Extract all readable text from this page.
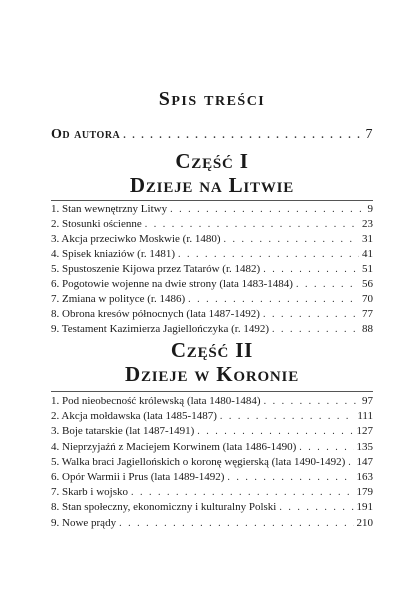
Spis treści
Od autora . . .	7
Część I
Dzieje na Litwie
1. Stan wewnętrzny Litwy . . .	9
2. Stosunki ościenne . . .	23
3. Akcja przeciwko Moskwie (r. 1480) . . .	31
4. Spisek kniaziów (r. 1481) . . .	41
5. Spustoszenie Kijowa przez Tatarów (r. 1482) . . .	51
6. Pogotowie wojenne na dwie strony (lata 1483-1484) . . .	56
7. Zmiana w polityce (r. 1486) . . .	70
8. Obrona kresów północnych (lata 1487-1492) . . .	77
9. Testament Kazimierza Jagiellończyka (r. 1492) . . .	88
Część II
Dzieje w Koronie
1. Pod nieobecność królewską (lata 1480-1484) . . .	97
2. Akcja mołdawska (lata 1485-1487) . . .	111
3. Boje tatarskie (lat 1487-1491) . . .	127
4. Nieprzyjaźń z Maciejem Korwinem (lata 1486-1490) . . .	135
5. Walka braci Jagiellońskich o koronę węgierską (lata 1490-1492) . . . 147
6. Opór Warmii i Prus (lata 1489-1492) . . .	163
7. Skarb i wojsko . . .	179
8. Stan społeczny, ekonomiczny i kulturalny Polski . . .	191
9. Nowe prądy . . .	210
